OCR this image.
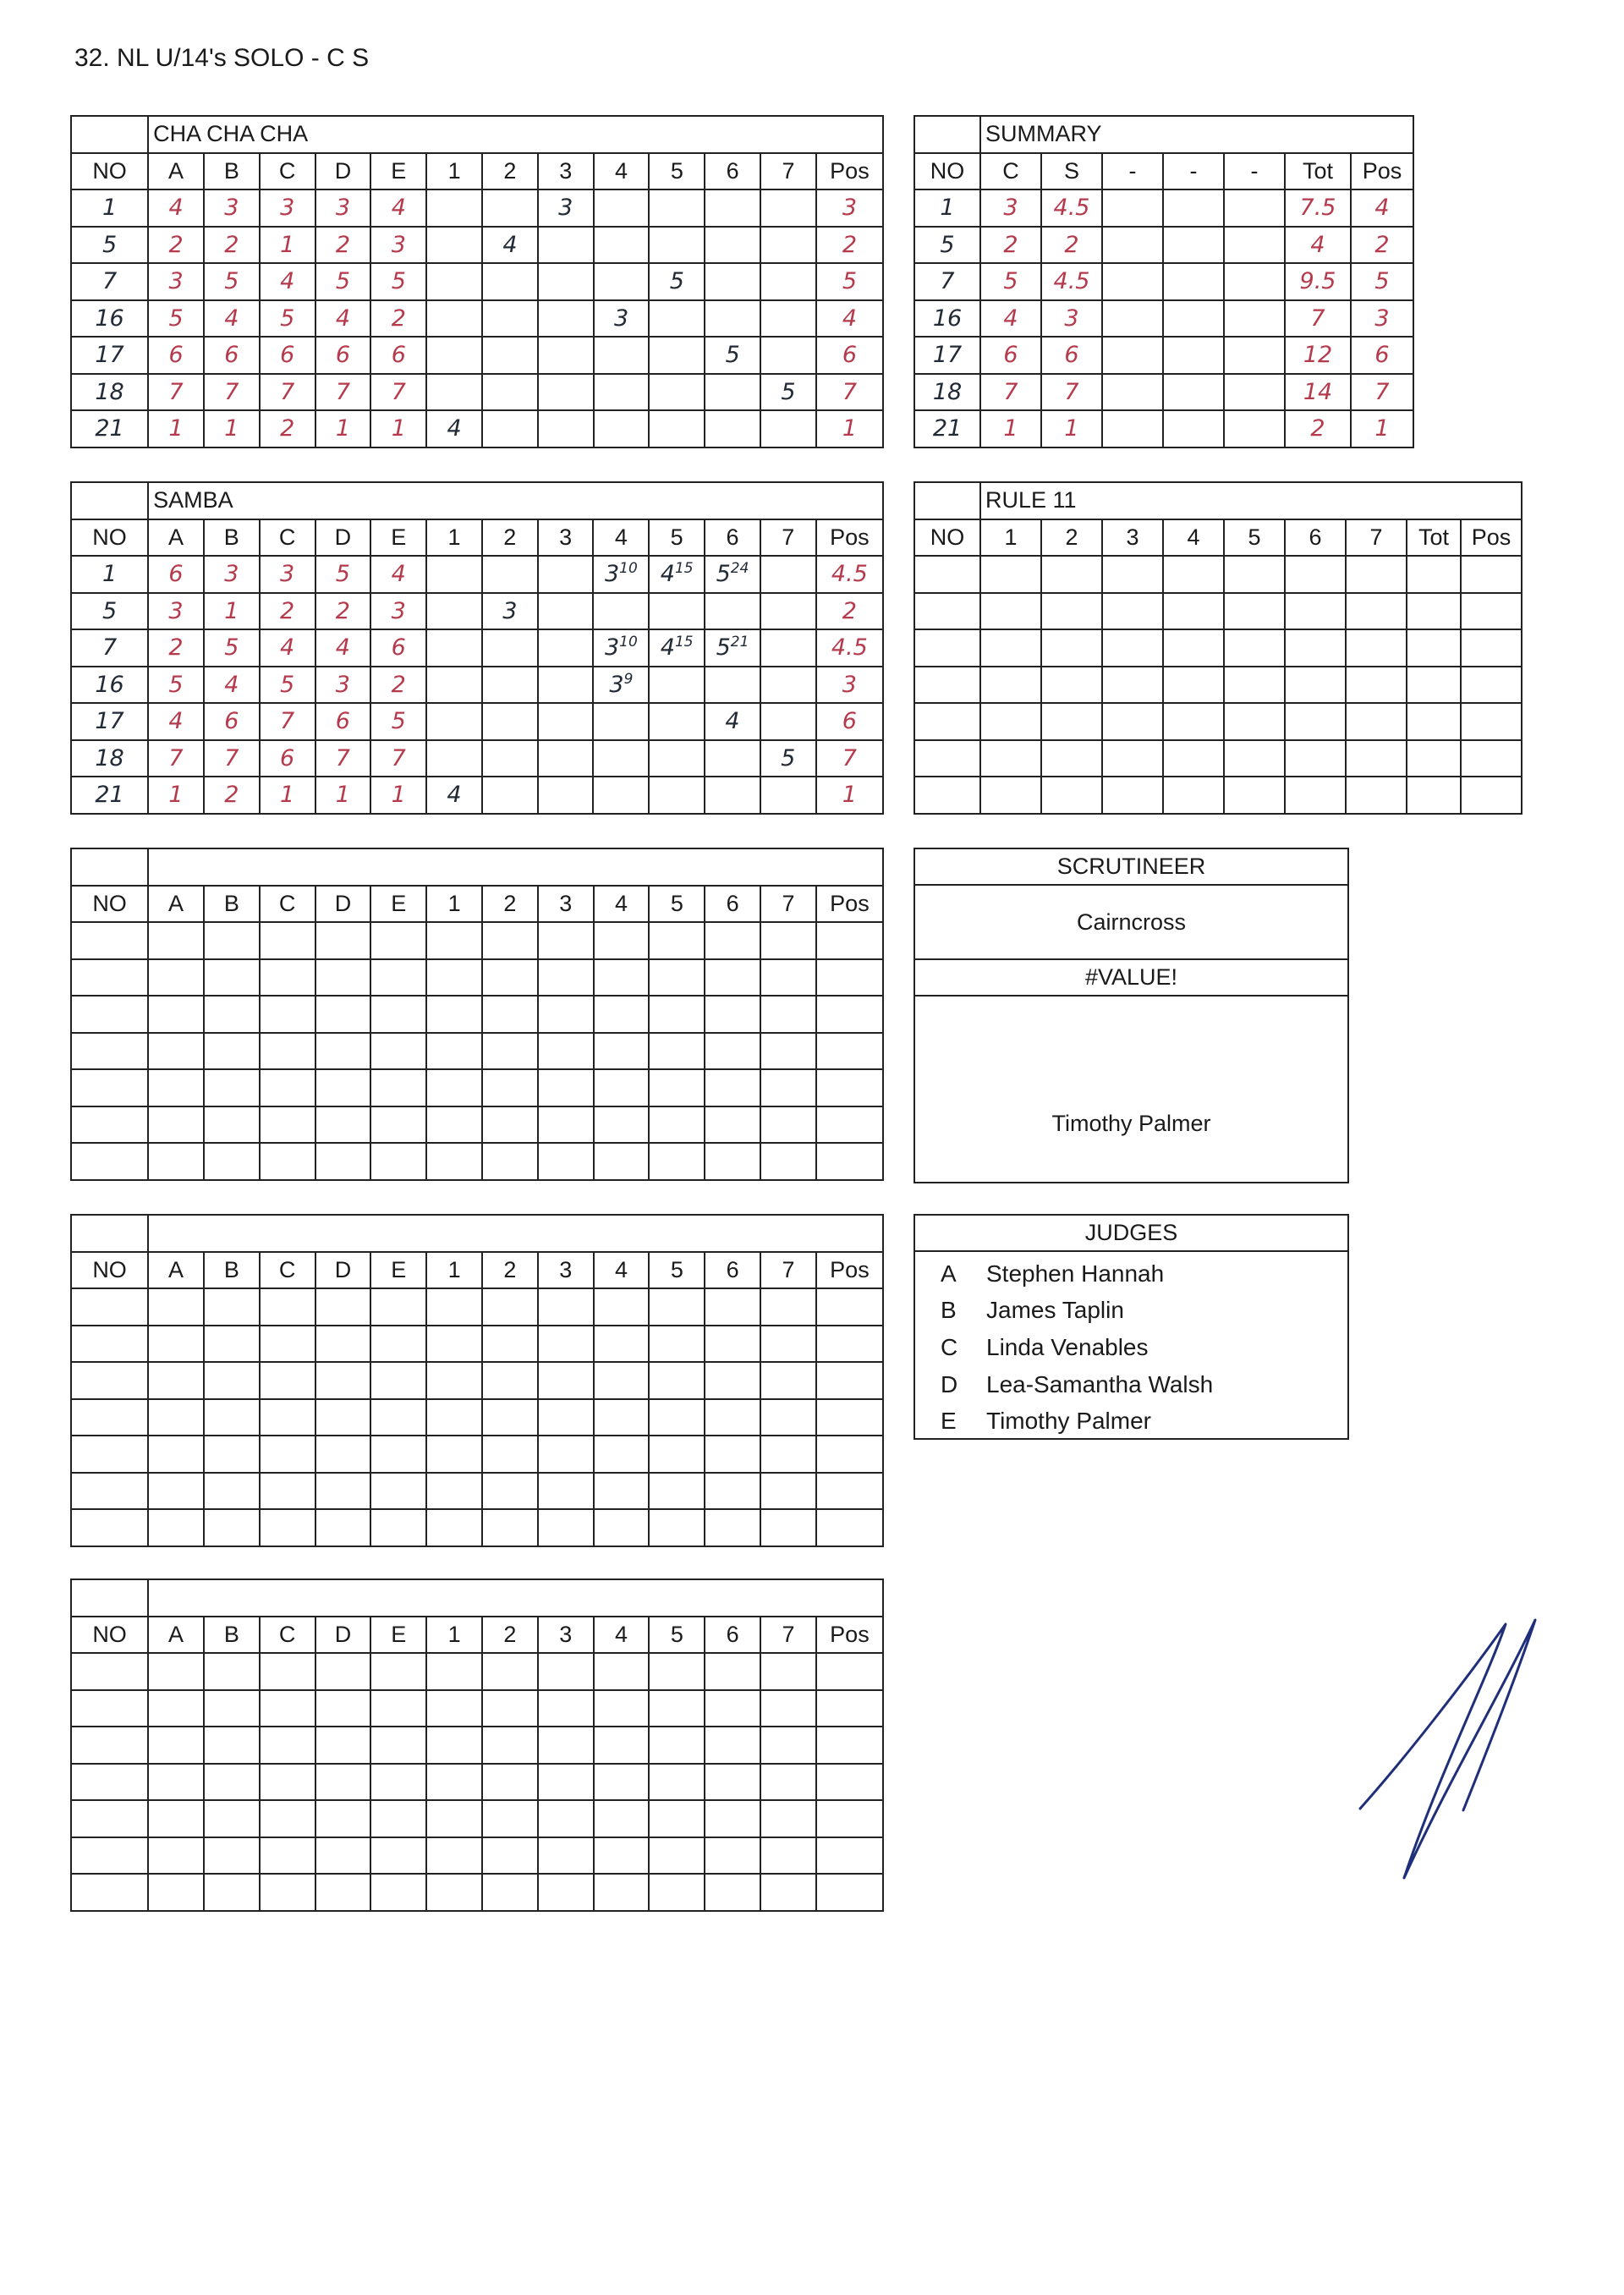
32. NL U/14's SOLO - C S
	CHA CHA CHA												
NO	A	B	C	D	E	1	2	3	4	5	6	7	Pos
1	4	3	3	3	4			3					3
5	2	2	1	2	3		4						2
7	3	5	4	5	5					5			5
16	5	4	5	4	2				3				4
17	6	6	6	6	6						5		6
18	7	7	7	7	7							5	7
21	1	1	2	1	1	4							1
	SAMBA												
NO	A	B	C	D	E	1	2	3	4	5	6	7	Pos
1	6	3	3	5	4				$3^{10}$	$4^{15}$	$5^{24}$		4.5
5	3	1	2	2	3		3						2
7	2	5	4	4	6				$3^{10}$	$4^{15}$	$5^{21}$		4.5
16	5	4	5	3	2				$3^9$				3
17	4	6	7	6	5						4		6
18	7	7	6	7	7							5	7
21	1	2	1	1	1	4							1

NO	A	B	C	D	E	1	2	3	4	5	6	7	Pos

NO	A	B	C	D	E	1	2	3	4	5	6	7	Pos

NO	A	B	C	D	E	1	2	3	4	5	6	7	Pos

	SUMMARY						
NO	C	S	-	-	-	Tot	Pos
1	3	4.5				7.5	4
5	2	2				4	2
7	5	4.5				9.5	5
16	4	3				7	3
17	6	6				12	6
18	7	7				14	7
21	1	1				2	1
	RULE 11								
NO	1	2	3	4	5	6	7	Tot	Pos

SCRUTINEER
Cairncross
#VALUE!
Timothy Palmer
JUDGES
A	Stephen Hannah
B	James Taplin
C	Linda Venables
D	Lea-Samantha Walsh
E	Timothy Palmer
